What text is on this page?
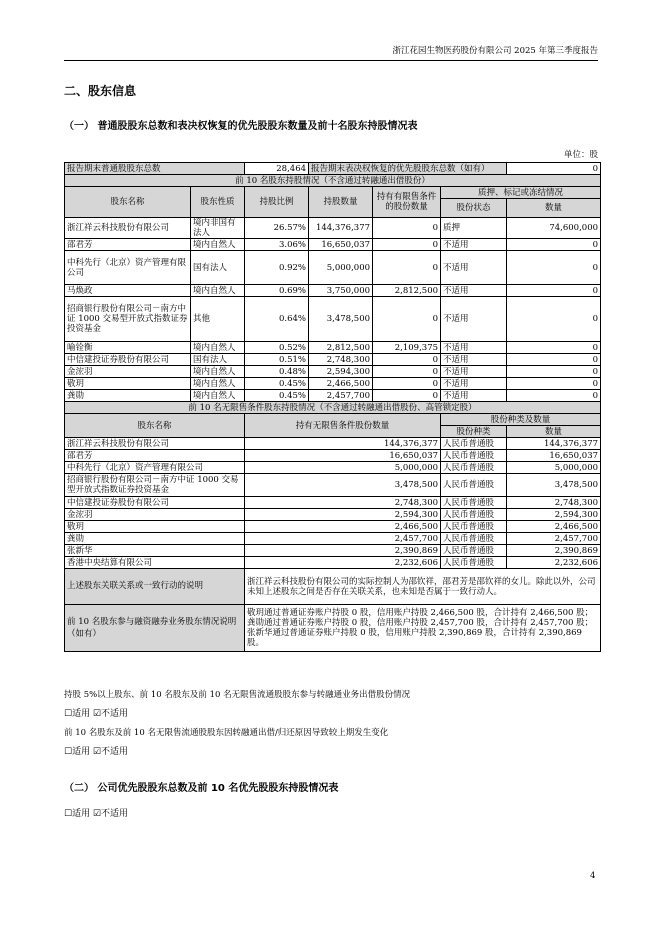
浙江花园生物医药股份有限公司 2025 年第三季度报告
二、股东信息
（一） 普通股股东总数和表决权恢复的优先股股东数量及前十名股东持股情况表
单位：股
报告期末普通股股东总数		28,464	报告期末表决权恢复的优先股股东总数（如有）			0
前 10 名股东持股情况（不含通过转融通出借股份）						
股东名称	股东性质	持股比例	持股数量	持有有限售条件的股份数量	质押、标记或冻结情况	
					股份状态	数量
浙江祥云科技股份有限公司	境内非国有法人	26.57%	144,376,377	0	质押	74,600,000
邵君芳	境内自然人	3.06%	16,650,037	0	不适用	0
中科先行（北京）资产管理有限公司	国有法人	0.92%	5,000,000	0	不适用	0
马焕政	境内自然人	0.69%	3,750,000	2,812,500	不适用	0
招商银行股份有限公司－南方中证 1000 交易型开放式指数证券投资基金	其他	0.64%	3,478,500	0	不适用	0
喻铨衡	境内自然人	0.52%	2,812,500	2,109,375	不适用	0
中信建投证券股份有限公司	国有法人	0.51%	2,748,300	0	不适用	0
金浤羽	境内自然人	0.48%	2,594,300	0	不适用	0
敬玥	境内自然人	0.45%	2,466,500	0	不适用	0
龚勋	境内自然人	0.45%	2,457,700	0	不适用	0
前 10 名无限售条件股东持股情况（不含通过转融通出借股份、高管锁定股）						
股东名称		持有无限售条件股份数量			股份种类及数量	
					股份种类	数量
浙江祥云科技股份有限公司		144,376,377			人民币普通股	144,376,377
邵君芳		16,650,037			人民币普通股	16,650,037
中科先行（北京）资产管理有限公司		5,000,000			人民币普通股	5,000,000
招商银行股份有限公司－南方中证 1000 交易型开放式指数证券投资基金		3,478,500			人民币普通股	3,478,500
中信建投证券股份有限公司		2,748,300			人民币普通股	2,748,300
金浤羽		2,594,300			人民币普通股	2,594,300
敬玥		2,466,500			人民币普通股	2,466,500
龚勋		2,457,700			人民币普通股	2,457,700
张新华		2,390,869			人民币普通股	2,390,869
香港中央结算有限公司		2,232,606			人民币普通股	2,232,606
上述股东关联关系或一致行动的说明		浙江祥云科技股份有限公司的实际控制人为邵钦祥，邵君芳是邵钦祥的女儿。除此以外，公司未知上述股东之间是否存在关联关系，也未知是否属于一致行动人。				
前 10 名股东参与融资融券业务股东情况说明（如有）		敬玥通过普通证券账户持股 0 股，信用账户持股 2,466,500 股，合计持有 2,466,500 股；龚勋通过普通证券账户持股 0 股，信用账户持股 2,457,700 股，合计持有 2,457,700 股；张新华通过普通证券账户持股 0 股，信用账户持股 2,390,869 股，合计持有 2,390,869 股。				
持股 5%以上股东、前 10 名股东及前 10 名无限售流通股股东参与转融通业务出借股份情况
☐适用 ☑不适用
前 10 名股东及前 10 名无限售流通股股东因转融通出借/归还原因导致较上期发生变化
☐适用 ☑不适用
（二） 公司优先股股东总数及前 10 名优先股股东持股情况表
☐适用 ☑不适用
4
